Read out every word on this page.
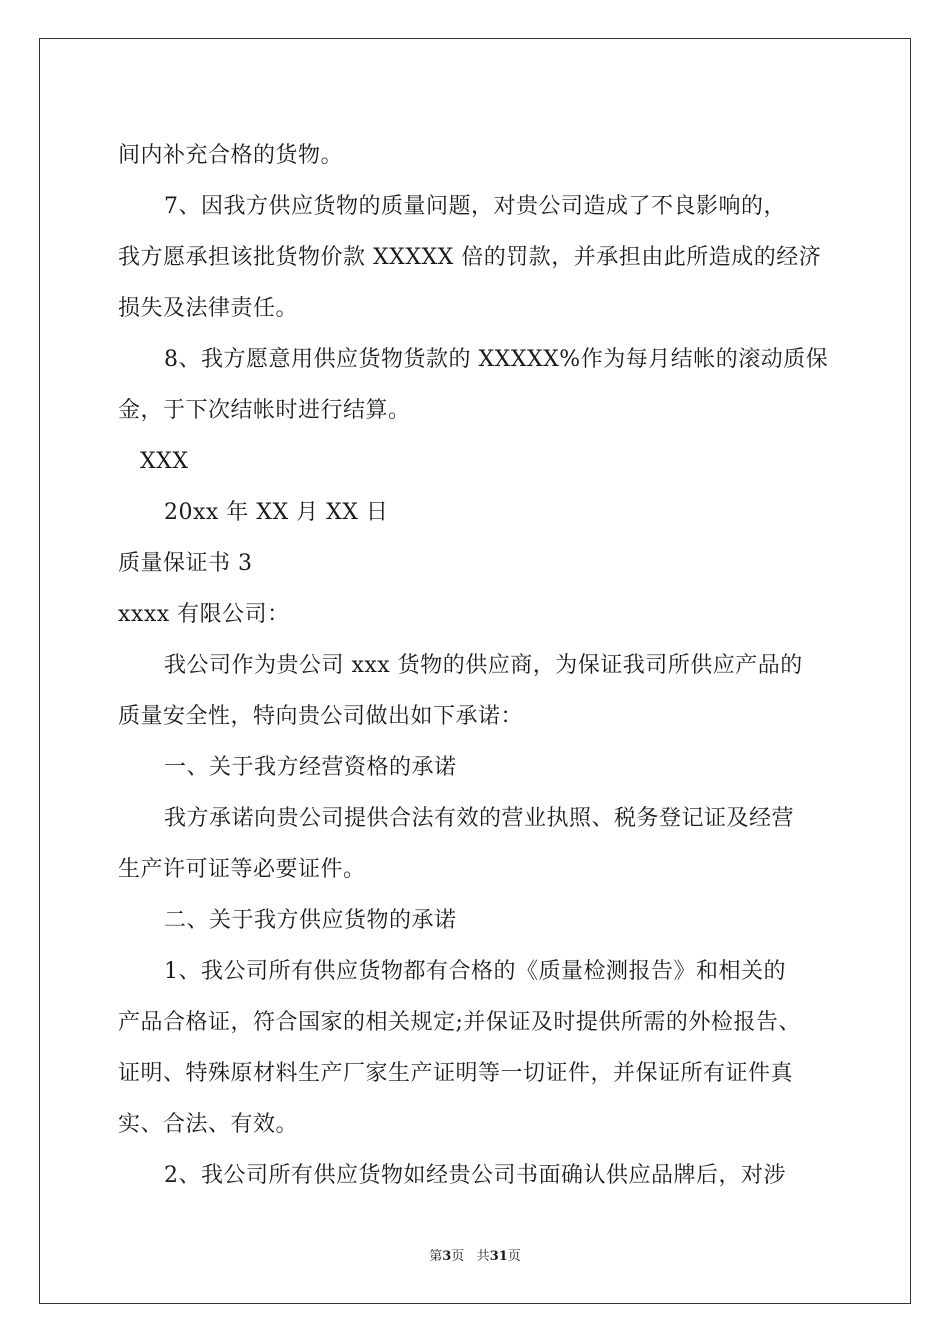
间内补充合格的货物。
7、因我方供应货物的质量问题，对贵公司造成了不良影响的，
我方愿承担该批货物价款 XXXXX 倍的罚款，并承担由此所造成的经济
损失及法律责任。
8、我方愿意用供应货物货款的 XXXXX%作为每月结帐的滚动质保
金，于下次结帐时进行结算。
XXX
20xx 年 XX 月 XX 日
质量保证书 3
xxxx 有限公司：
我公司作为贵公司 xxx 货物的供应商，为保证我司所供应产品的
质量安全性，特向贵公司做出如下承诺：
一、关于我方经营资格的承诺
我方承诺向贵公司提供合法有效的营业执照、税务登记证及经营
生产许可证等必要证件。
二、关于我方供应货物的承诺
1、我公司所有供应货物都有合格的《质量检测报告》和相关的
产品合格证，符合国家的相关规定;并保证及时提供所需的外检报告、
证明、特殊原材料生产厂家生产证明等一切证件，并保证所有证件真
实、合法、有效。
2、我公司所有供应货物如经贵公司书面确认供应品牌后，对涉
第3页 共31页
